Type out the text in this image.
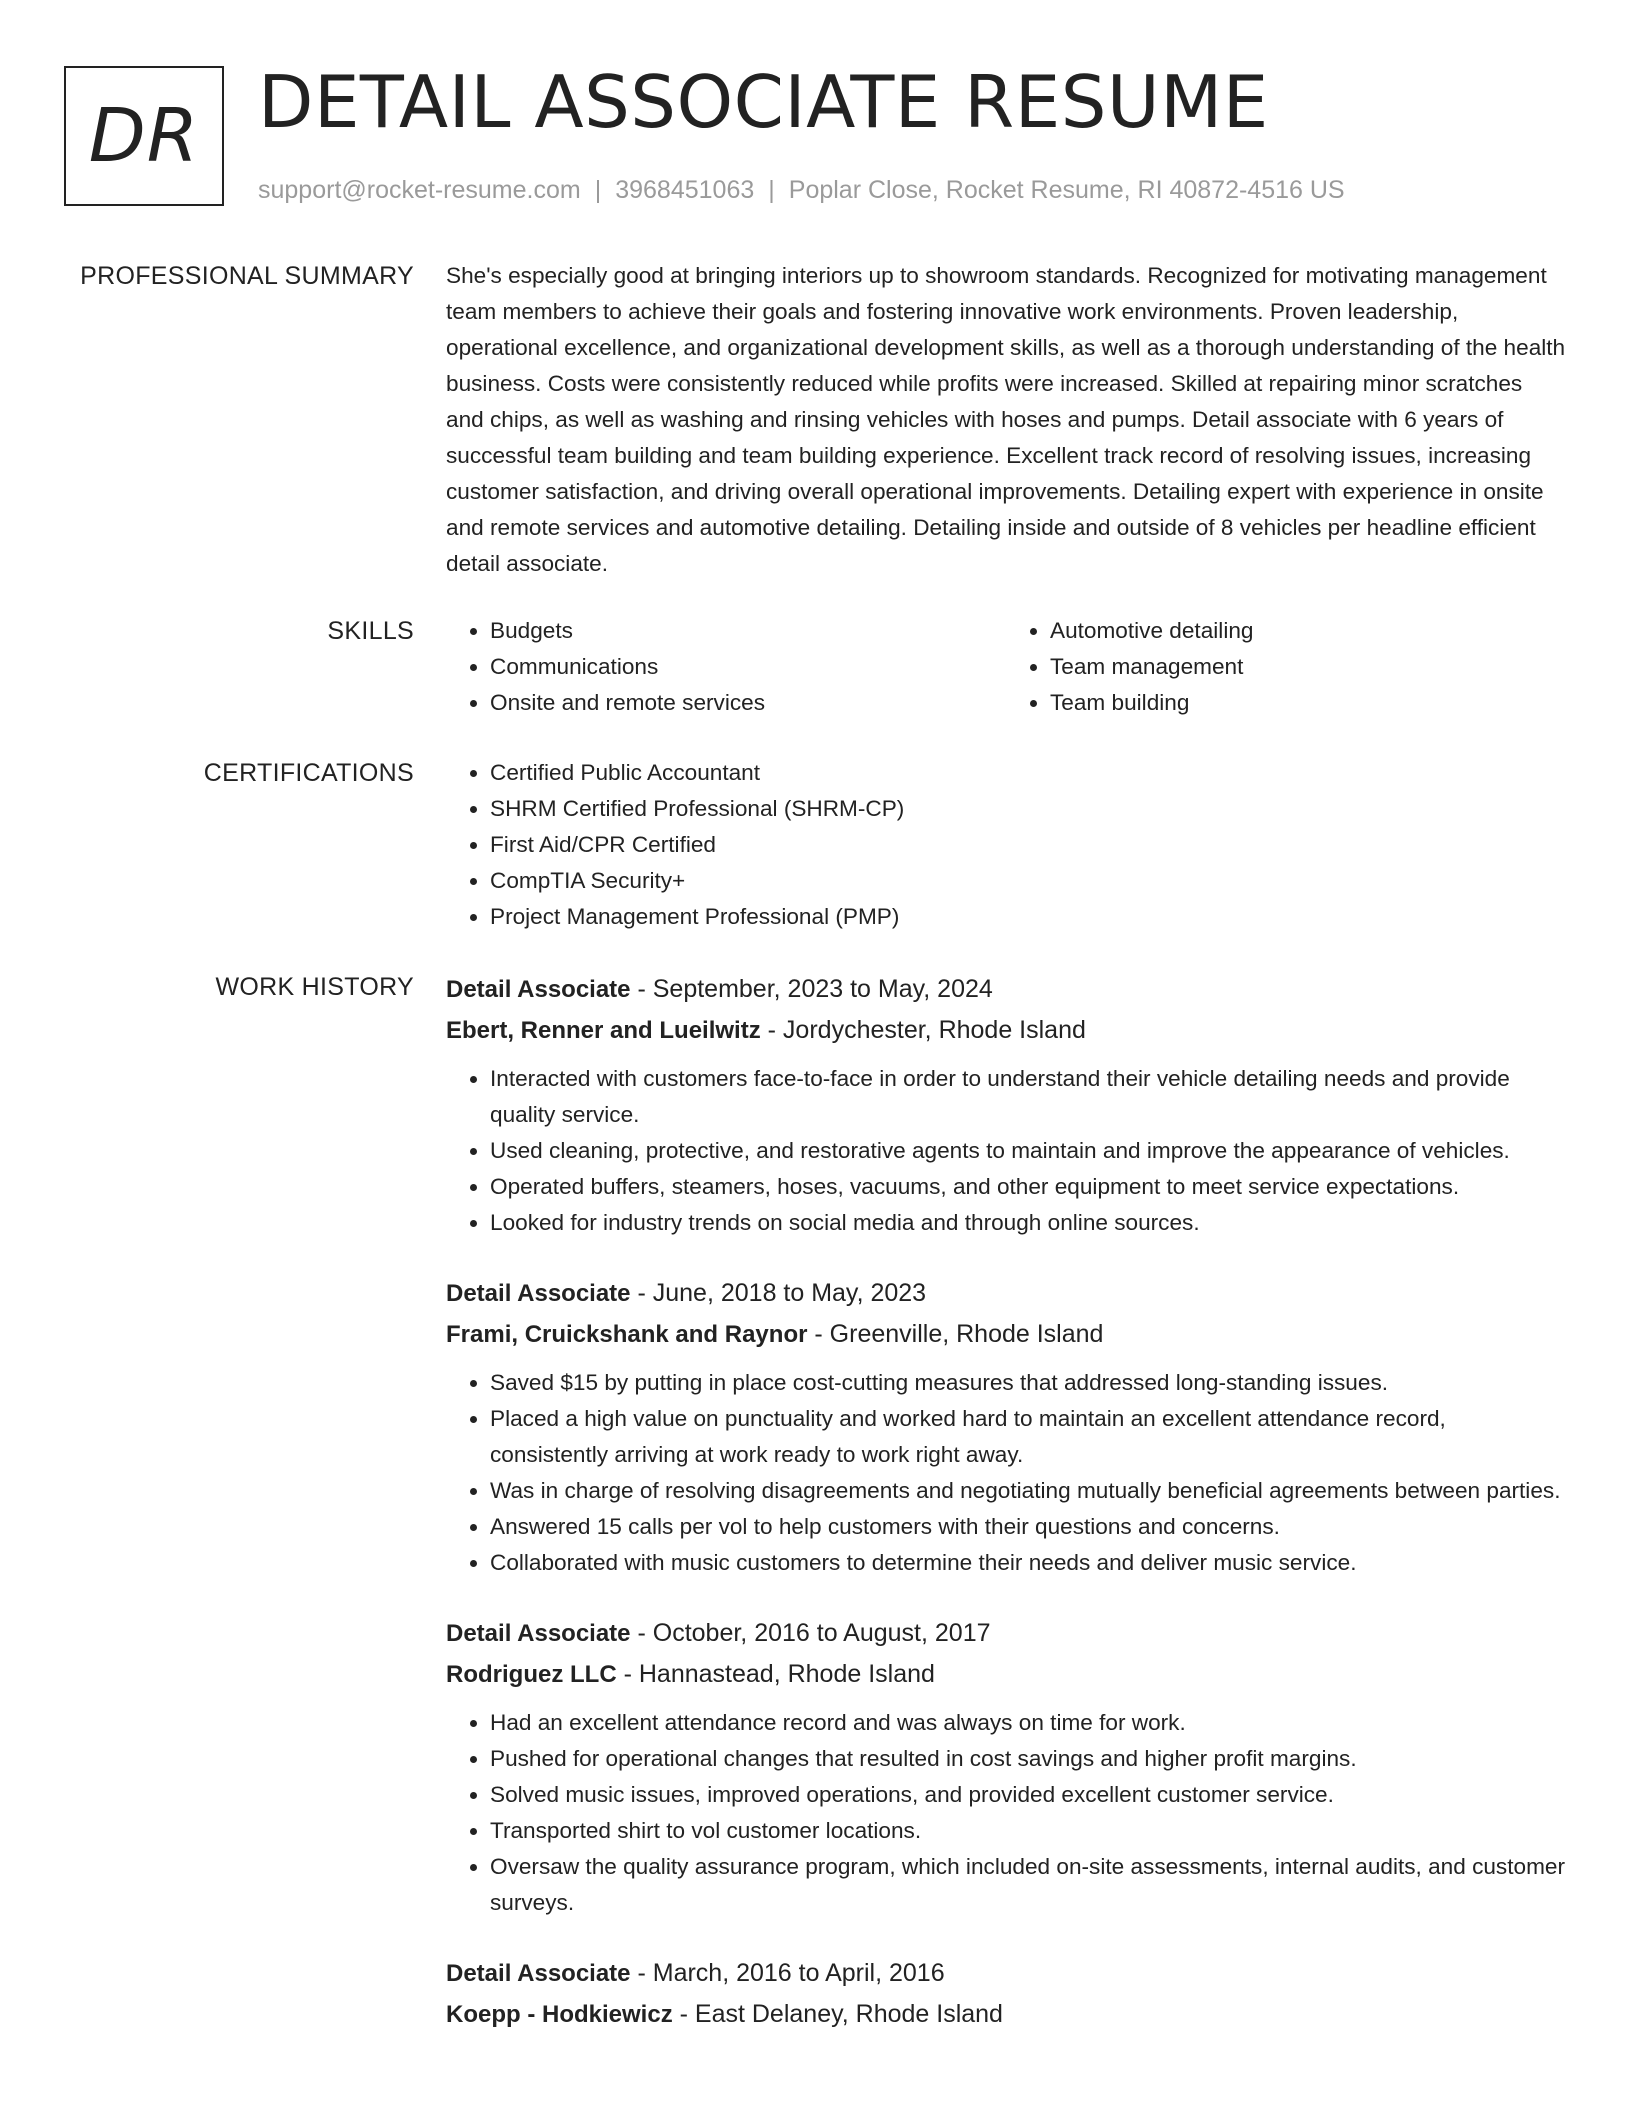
DR DETAIL ASSOCIATE RESUME
support@rocket-resume.com | 3968451063 | Poplar Close, Rocket Resume, RI 40872-4516 US
PROFESSIONAL SUMMARY She's especially good at bringing interiors up to showroom standards. Recognized for motivating management team members to achieve their goals and fostering innovative work environments. Proven leadership, operational excellence, and organizational development skills, as well as a thorough understanding of the health business. Costs were consistently reduced while profits were increased. Skilled at repairing minor scratches and chips, as well as washing and rinsing vehicles with hoses and pumps. Detail associate with 6 years of successful team building and team building experience. Excellent track record of resolving issues, increasing customer satisfaction, and driving overall operational improvements. Detailing expert with experience in onsite and remote services and automotive detailing. Detailing inside and outside of 8 vehicles per headline efficient detail associate.

SKILLS	• Budgets
• Communications
• Onsite and remote services
• Automotive detailing
• Team management
• Team building
CERTIFICATIONS	• Certified Public Accountant
• SHRM Certified Professional (SHRM-CP)
• First Aid/CPR Certified
• CompTIA Security+
• Project Management Professional (PMP)
WORK HISTORY Detail Associate - September, 2023 to May, 2024
Ebert, Renner and Lueilwitz - Jordychester, Rhode Island
• Interacted with customers face-to-face in order to understand their vehicle detailing needs and provide quality service.
• Used cleaning, protective, and restorative agents to maintain and improve the appearance of vehicles.
• Operated buffers, steamers, hoses, vacuums, and other equipment to meet service expectations.
• Looked for industry trends on social media and through online sources.
Detail Associate - June, 2018 to May, 2023
Frami, Cruickshank and Raynor - Greenville, Rhode Island
• Saved $15 by putting in place cost-cutting measures that addressed long-standing issues.
• Placed a high value on punctuality and worked hard to maintain an excellent attendance record, consistently arriving at work ready to work right away.
• Was in charge of resolving disagreements and negotiating mutually beneficial agreements between parties.
• Answered 15 calls per vol to help customers with their questions and concerns.
• Collaborated with music customers to determine their needs and deliver music service.
Detail Associate - October, 2016 to August, 2017
Rodriguez LLC - Hannastead, Rhode Island
• Had an excellent attendance record and was always on time for work.
• Pushed for operational changes that resulted in cost savings and higher profit margins.
• Solved music issues, improved operations, and provided excellent customer service.
• Transported shirt to vol customer locations.
• Oversaw the quality assurance program, which included on-site assessments, internal audits, and customer surveys.
Detail Associate - March, 2016 to April, 2016
Koepp - Hodkiewicz - East Delaney, Rhode Island
